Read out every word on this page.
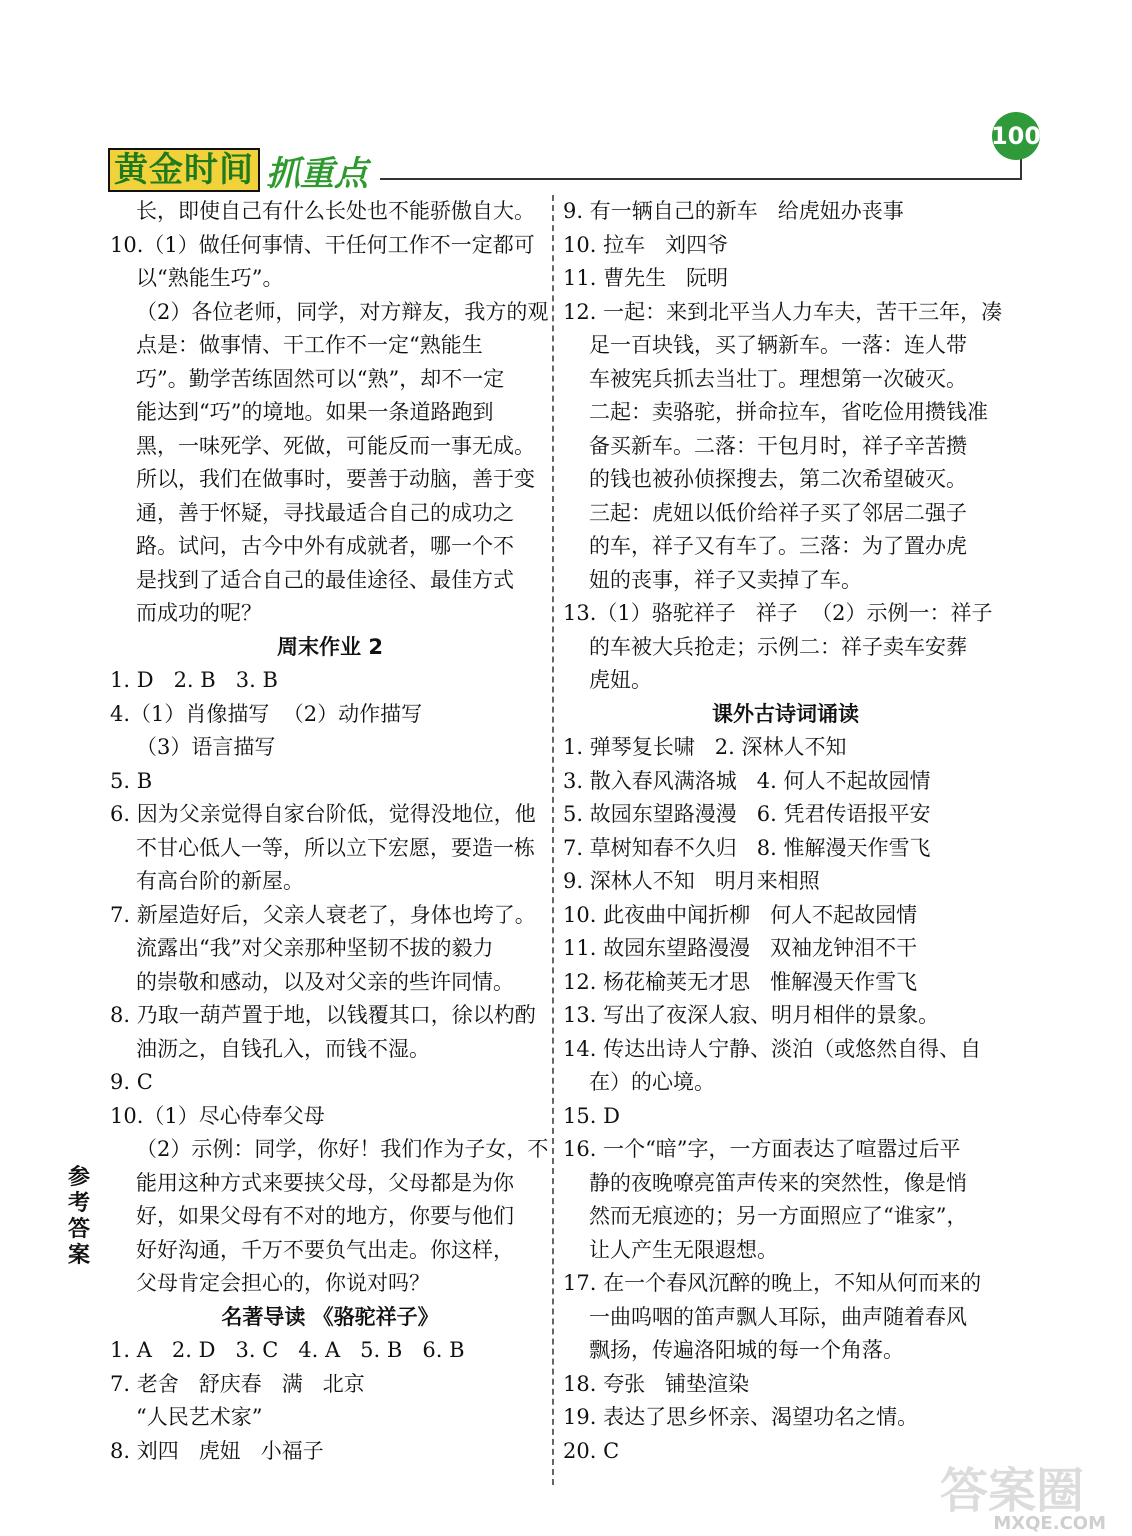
黄金时间 抓重点
100
长，即使自己有什么长处也不能骄傲自大。
10.（1）做任何事情、干任何工作不一定都可
以“熟能生巧”。
（2）各位老师，同学，对方辩友，我方的观
点是：做事情、干工作不一定“熟能生
巧”。勤学苦练固然可以“熟”，却不一定
能达到“巧”的境地。如果一条道路跑到
黑，一味死学、死做，可能反而一事无成。
所以，我们在做事时，要善于动脑，善于变
通，善于怀疑，寻找最适合自己的成功之
路。试问，古今中外有成就者，哪一个不
是找到了适合自己的最佳途径、最佳方式
而成功的呢？
周末作业 2
1. D   2. B   3. B
4.（1）肖像描写  （2）动作描写
（3）语言描写
5. B
6. 因为父亲觉得自家台阶低，觉得没地位，他
不甘心低人一等，所以立下宏愿，要造一栋
有高台阶的新屋。
7. 新屋造好后，父亲人衰老了，身体也垮了。
流露出“我”对父亲那种坚韧不拔的毅力
的崇敬和感动，以及对父亲的些许同情。
8. 乃取一葫芦置于地，以钱覆其口，徐以杓酌
油沥之，自钱孔入，而钱不湿。
9. C
10.（1）尽心侍奉父母
（2）示例：同学，你好！我们作为子女，不
能用这种方式来要挟父母，父母都是为你
好，如果父母有不对的地方，你要与他们
好好沟通，千万不要负气出走。你这样，
父母肯定会担心的，你说对吗？
名著导读 《骆驼祥子》
1. A   2. D   3. C   4. A   5. B   6. B
7. 老舍   舒庆春   满   北京
“人民艺术家”
8. 刘四   虎妞   小福子
9. 有一辆自己的新车   给虎妞办丧事
10. 拉车   刘四爷
11. 曹先生   阮明
12. 一起：来到北平当人力车夫，苦干三年，凑
足一百块钱，买了辆新车。一落：连人带
车被宪兵抓去当壮丁。理想第一次破灭。
二起：卖骆驼，拼命拉车，省吃俭用攒钱准
备买新车。二落：干包月时，祥子辛苦攒
的钱也被孙侦探搜去，第二次希望破灭。
三起：虎妞以低价给祥子买了邻居二强子
的车，祥子又有车了。三落：为了置办虎
妞的丧事，祥子又卖掉了车。
13.（1）骆驼祥子   祥子  （2）示例一：祥子
的车被大兵抢走；示例二：祥子卖车安葬
虎妞。
课外古诗词诵读
1. 弹琴复长啸   2. 深林人不知
3. 散入春风满洛城   4. 何人不起故园情
5. 故园东望路漫漫   6. 凭君传语报平安
7. 草树知春不久归   8. 惟解漫天作雪飞
9. 深林人不知   明月来相照
10. 此夜曲中闻折柳   何人不起故园情
11. 故园东望路漫漫   双袖龙钟泪不干
12. 杨花榆荚无才思   惟解漫天作雪飞
13. 写出了夜深人寂、明月相伴的景象。
14. 传达出诗人宁静、淡泊（或悠然自得、自
在）的心境。
15. D
16. 一个“暗”字，一方面表达了喧嚣过后平
静的夜晚嘹亮笛声传来的突然性，像是悄
然而无痕迹的；另一方面照应了“谁家”，
让人产生无限遐想。
17. 在一个春风沉醉的晚上，不知从何而来的
一曲呜咽的笛声飘人耳际，曲声随着春风
飘扬，传遍洛阳城的每一个角落。
18. 夸张   铺垫渲染
19. 表达了思乡怀亲、渴望功名之情。
20. C
参考答案
答案圈
MXQE.COM
